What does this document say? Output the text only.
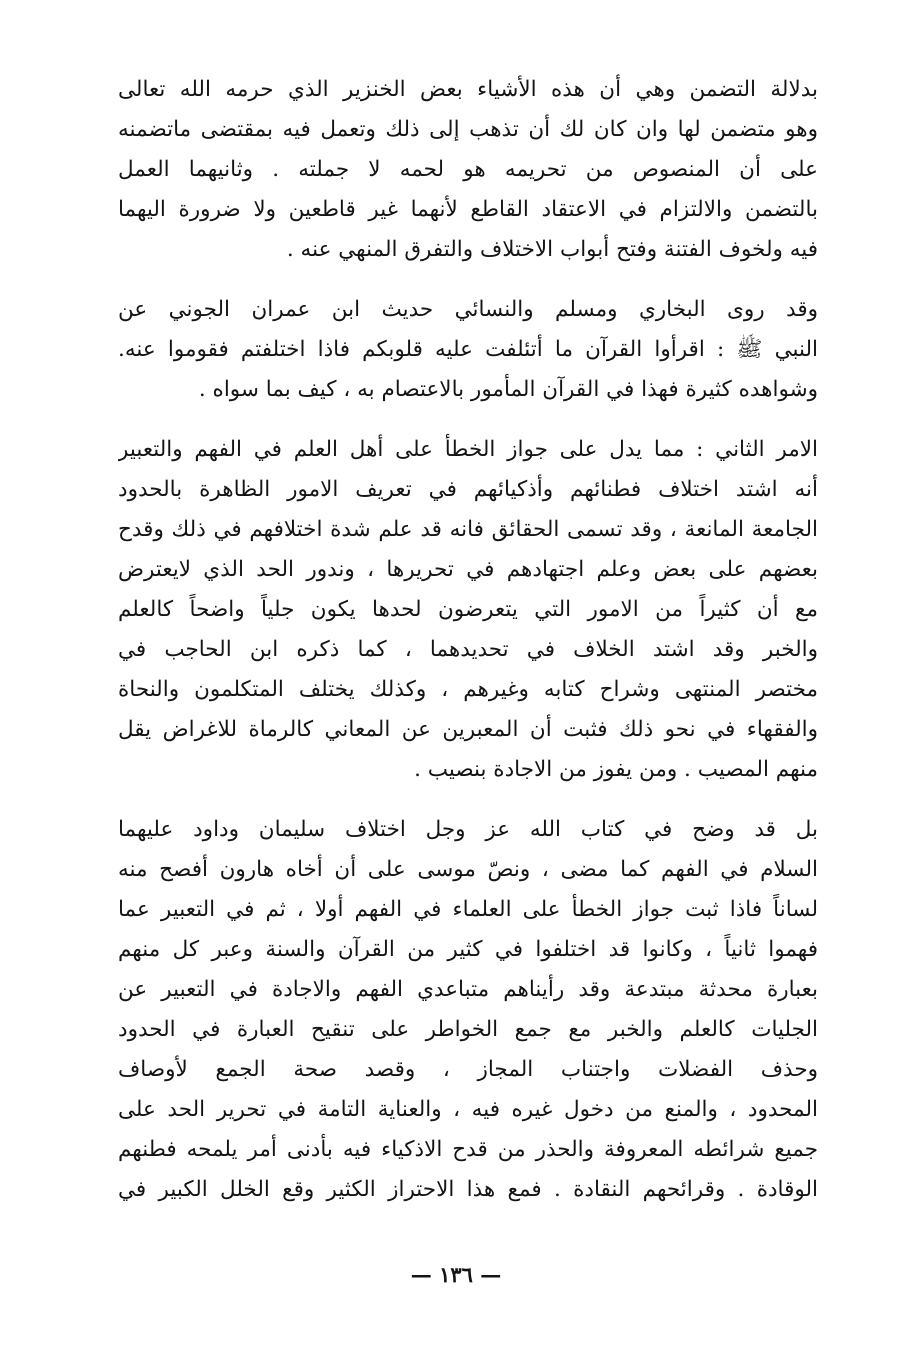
بدلالة التضمن وهي أن هذه الأشياء بعض الخنزير الذي حرمه الله تعالى
وهو متضمن لها وان كان لك أن تذهب إلى ذلك وتعمل فيه بمقتضى ماتضمنه
على أن المنصوص من تحريمه هو لحمه لا جملته . وثانيهما العمل
بالتضمن والالتزام في الاعتقاد القاطع لأنهما غير قاطعين ولا ضرورة اليهما
فيه ولخوف الفتنة وفتح أبواب الاختلاف والتفرق المنهي عنه .
وقد روى البخاري ومسلم والنسائي حديث ابن عمران الجوني عن
النبي ﷺ : اقرأوا القرآن ما أتئلفت عليه قلوبكم فاذا اختلفتم فقوموا عنه.
وشواهده كثيرة فهذا في القرآن المأمور بالاعتصام به ، كيف بما سواه .
الامر الثاني : مما يدل على جواز الخطأ على أهل العلم في الفهم والتعبير
أنه اشتد اختلاف فطنائهم وأذكيائهم في تعريف الامور الظاهرة بالحدود
الجامعة المانعة ، وقد تسمى الحقائق فانه قد علم شدة اختلافهم في ذلك وقدح
بعضهم على بعض وعلم اجتهادهم في تحريرها ، وندور الحد الذي لايعترض
مع أن كثيراً من الامور التي يتعرضون لحدها يكون جلياً واضحاً كالعلم
والخبر وقد اشتد الخلاف في تحديدهما ، كما ذكره ابن الحاجب في
مختصر المنتهى وشراح كتابه وغيرهم ، وكذلك يختلف المتكلمون والنحاة
والفقهاء في نحو ذلك فثبت أن المعبرين عن المعاني كالرماة للاغراض يقل
منهم المصيب . ومن يفوز من الاجادة بنصيب .
بل قد وضح في كتاب الله عز وجل اختلاف سليمان وداود عليهما
السلام في الفهم كما مضى ، ونصّ موسى على أن أخاه هارون أفصح منه
لساناً فاذا ثبت جواز الخطأ على العلماء في الفهم أولا ، ثم في التعبير عما
فهموا ثانياً ، وكانوا قد اختلفوا في كثير من القرآن والسنة وعبر كل منهم
بعبارة محدثة مبتدعة وقد رأيناهم متباعدي الفهم والاجادة في التعبير عن
الجليات كالعلم والخبر مع جمع الخواطر على تنقيح العبارة في الحدود
وحذف الفضلات واجتناب المجاز ، وقصد صحة الجمع لأوصاف
المحدود ، والمنع من دخول غيره فيه ، والعناية التامة في تحرير الحد على
جميع شرائطه المعروفة والحذر من قدح الاذكياء فيه بأدنى أمر يلمحه فطنهم
الوقادة . وقرائحهم النقادة . فمع هذا الاحتراز الكثير وقع الخلل الكبير في
— ١٣٦ —
